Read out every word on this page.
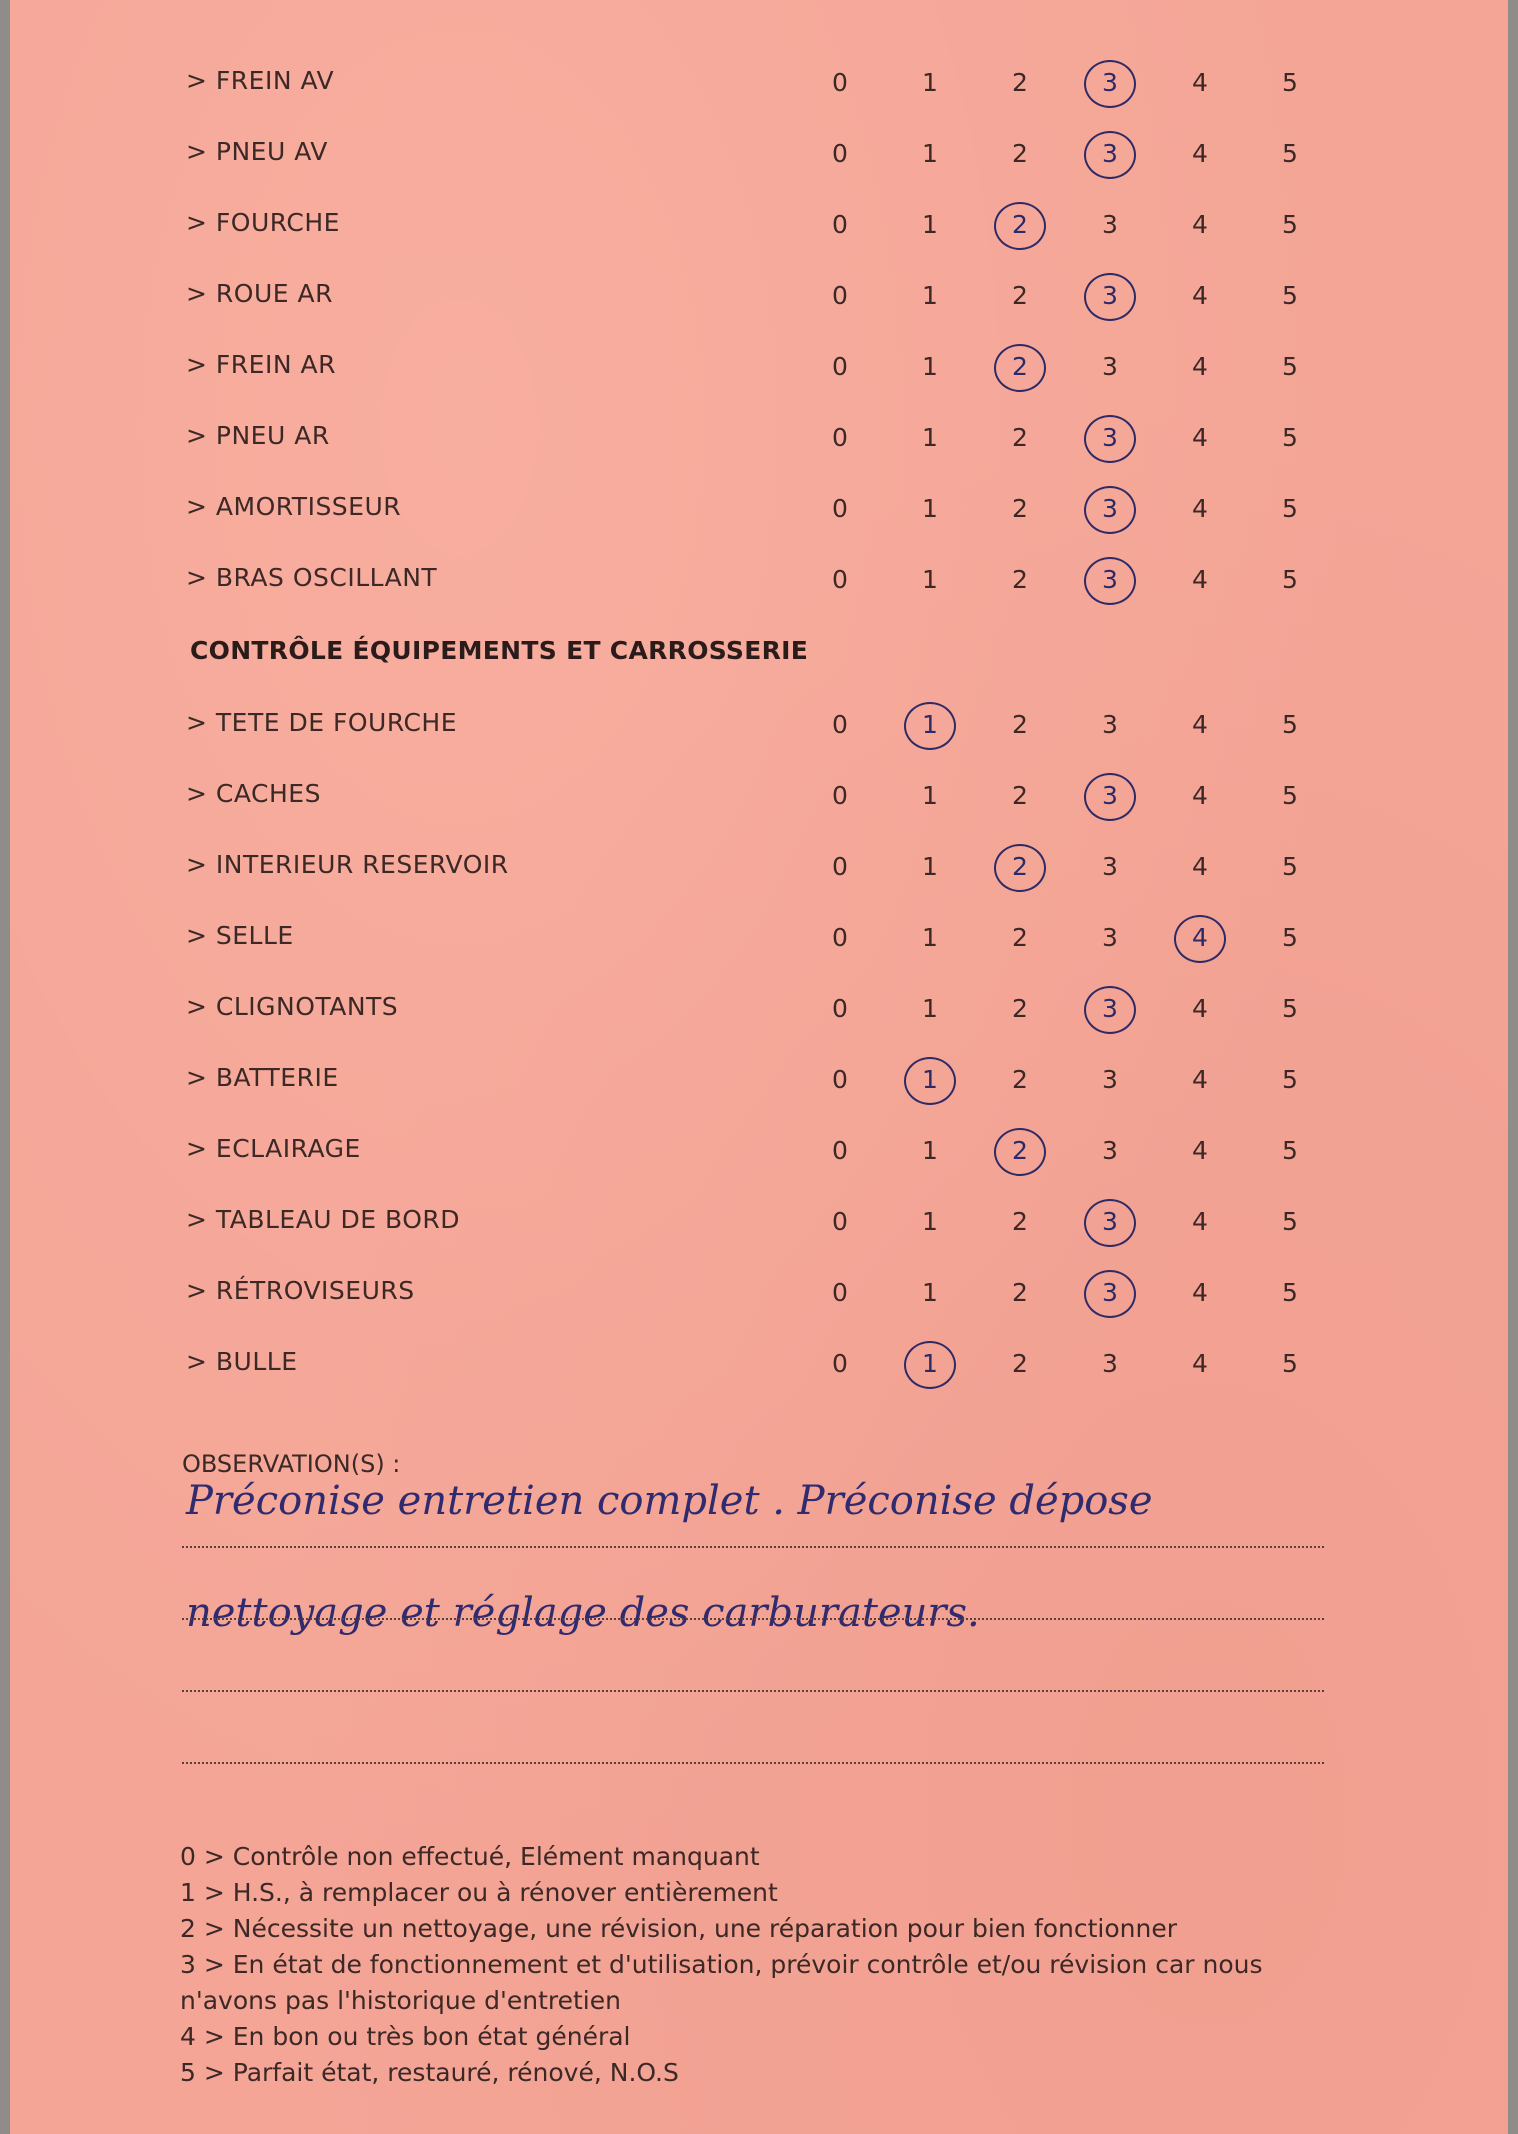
> FREIN AV	0	1	2	3	4	5
> PNEU AV	0	1	2	3	4	5
> FOURCHE	0	1	2	3	4	5
> ROUE AR	0	1	2	3	4	5
> FREIN AR	0	1	2	3	4	5
> PNEU AR	0	1	2	3	4	5
> AMORTISSEUR	0	1	2	3	4	5
> BRAS OSCILLANT	0	1	2	3	4	5
CONTRÔLE ÉQUIPEMENTS ET CARROSSERIE
> TETE DE FOURCHE	0	1	2	3	4	5
> CACHES	0	1	2	3	4	5
> INTERIEUR RESERVOIR	0	1	2	3	4	5
> SELLE	0	1	2	3	4	5
> CLIGNOTANTS	0	1	2	3	4	5
> BATTERIE	0	1	2	3	4	5
> ECLAIRAGE	0	1	2	3	4	5
> TABLEAU DE BORD	0	1	2	3	4	5
> RÉTROVISEURS	0	1	2	3	4	5
> BULLE	0	1	2	3	4	5
OBSERVATION(S) :
Préconise entretien complet . Préconise dépose
nettoyage et réglage des carburateurs.
0 > Contrôle non effectué, Elément manquant
1 > H.S., à remplacer ou à rénover entièrement
2 > Nécessite un nettoyage, une révision, une réparation pour bien fonctionner
3 > En état de fonctionnement et d'utilisation, prévoir contrôle et/ou révision car nous
n'avons pas l'historique d'entretien
4 > En bon ou très bon état général
5 > Parfait état, restauré, rénové, N.O.S
